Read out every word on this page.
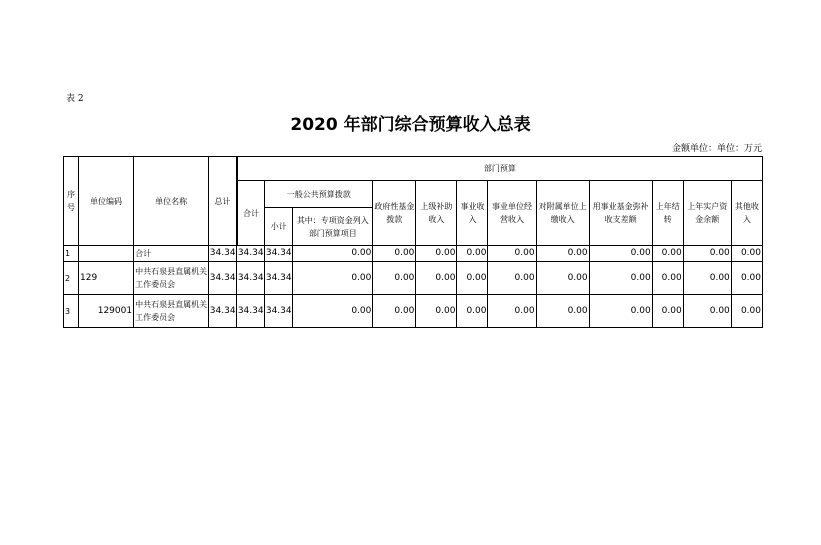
表 2
2020 年部门综合预算收入总表
金额单位：单位：万元
序号	单位编码	单位名称	总计	部门预算											
				合计	一般公共预算拨款		政府性基金拨款	上级补助收入	事业收入	事业单位经营收入	对附属单位上缴收入	用事业基金弥补收支差额	上年结转	上年实户资金余额	其他收入
					小计	其中：专项资金列入部门预算项目									
1		合计	34.34	34.34	34.34	0.00	0.00	0.00	0.00	0.00	0.00	0.00	0.00	0.00	0.00
2	129	中共石泉县直属机关工作委员会	34.34	34.34	34.34	0.00	0.00	0.00	0.00	0.00	0.00	0.00	0.00	0.00	0.00
3	129001	中共石泉县直属机关工作委员会	34.34	34.34	34.34	0.00	0.00	0.00	0.00	0.00	0.00	0.00	0.00	0.00	0.00
